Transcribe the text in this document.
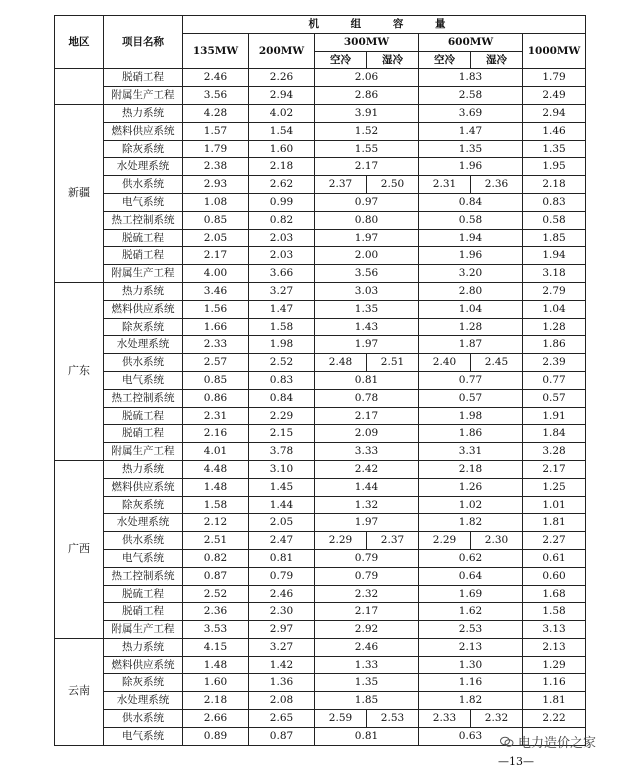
地区	项目名称	机 组 容 量						
		135MW	200MW	300MW		600MW		1000MW
				空冷	湿冷	空冷	湿冷	
	脱硝工程	2.46	2.26	2.06		1.83		1.79
	附属生产工程	3.56	2.94	2.86		2.58		2.49
新疆	热力系统	4.28	4.02	3.91		3.69		2.94
	燃料供应系统	1.57	1.54	1.52		1.47		1.46
	除灰系统	1.79	1.60	1.55		1.35		1.35
	水处理系统	2.38	2.18	2.17		1.96		1.95
	供水系统	2.93	2.62	2.37	2.50	2.31	2.36	2.18
	电气系统	1.08	0.99	0.97		0.84		0.83
	热工控制系统	0.85	0.82	0.80		0.58		0.58
	脱硫工程	2.05	2.03	1.97		1.94		1.85
	脱硝工程	2.17	2.03	2.00		1.96		1.94
	附属生产工程	4.00	3.66	3.56		3.20		3.18
广东	热力系统	3.46	3.27	3.03		2.80		2.79
	燃料供应系统	1.56	1.47	1.35		1.04		1.04
	除灰系统	1.66	1.58	1.43		1.28		1.28
	水处理系统	2.33	1.98	1.97		1.87		1.86
	供水系统	2.57	2.52	2.48	2.51	2.40	2.45	2.39
	电气系统	0.85	0.83	0.81		0.77		0.77
	热工控制系统	0.86	0.84	0.78		0.57		0.57
	脱硫工程	2.31	2.29	2.17		1.98		1.91
	脱硝工程	2.16	2.15	2.09		1.86		1.84
	附属生产工程	4.01	3.78	3.33		3.31		3.28
广西	热力系统	4.48	3.10	2.42		2.18		2.17
	燃料供应系统	1.48	1.45	1.44		1.26		1.25
	除灰系统	1.58	1.44	1.32		1.02		1.01
	水处理系统	2.12	2.05	1.97		1.82		1.81
	供水系统	2.51	2.47	2.29	2.37	2.29	2.30	2.27
	电气系统	0.82	0.81	0.79		0.62		0.61
	热工控制系统	0.87	0.79	0.79		0.64		0.60
	脱硫工程	2.52	2.46	2.32		1.69		1.68
	脱硝工程	2.36	2.30	2.17		1.62		1.58
	附属生产工程	3.53	2.97	2.92		2.53		3.13
云南	热力系统	4.15	3.27	2.46		2.13		2.13
	燃料供应系统	1.48	1.42	1.33		1.30		1.29
	除灰系统	1.60	1.36	1.35		1.16		1.16
	水处理系统	2.18	2.08	1.85		1.82		1.81
	供水系统	2.66	2.65	2.59	2.53	2.33	2.32	2.22
	电气系统	0.89	0.87	0.81		0.63		
电力造价之家
—13—
